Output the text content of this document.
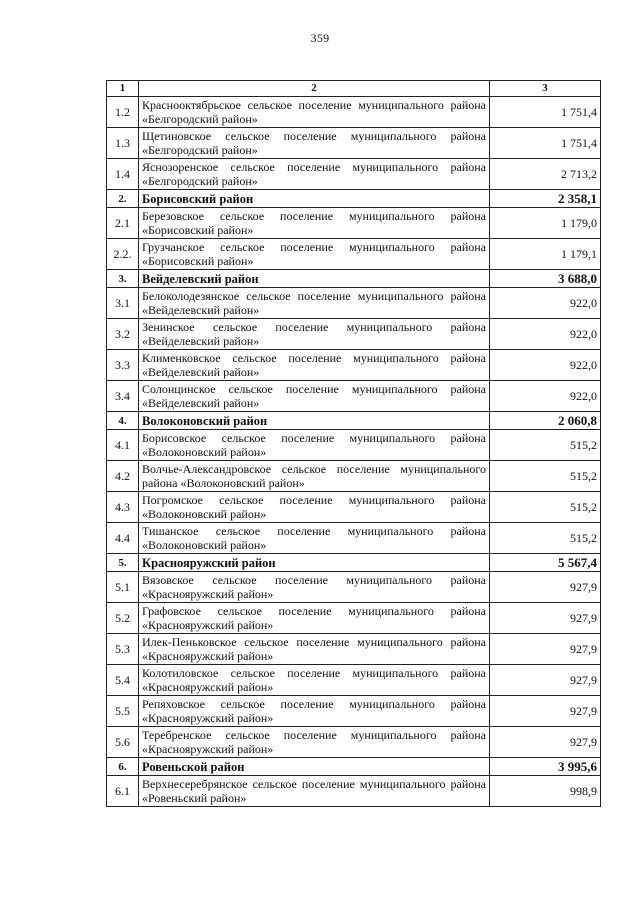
359
1	2	3
1.2	Краснооктябрьское сельское поселение муниципального района «Белгородский район»	1 751,4
1.3	Щетиновское сельское поселение муниципального района «Белгородский район»	1 751,4
1.4	Яснозоренское сельское поселение муниципального района «Белгородский район»	2 713,2
2.	Борисовский район	2 358,1
2.1	Березовское сельское поселение муниципального района «Борисовский район»	1 179,0
2.2.	Грузчанское сельское поселение муниципального района «Борисовский район»	1 179,1
3.	Вейделевский район	3 688,0
3.1	Белоколодезянское сельское поселение муниципального района «Вейделевский район»	922,0
3.2	Зенинское сельское поселение муниципального района «Вейделевский район»	922,0
3.3	Клименковское сельское поселение муниципального района «Вейделевский район»	922,0
3.4	Солонцинское сельское поселение муниципального района «Вейделевский район»	922,0
4.	Волоконовский район	2 060,8
4.1	Борисовское сельское поселение муниципального района «Волоконовский район»	515,2
4.2	Волчье-Александровское сельское поселение муниципального района «Волоконовский район»	515,2
4.3	Погромское сельское поселение муниципального района «Волоконовский район»	515,2
4.4	Тишанское сельское поселение муниципального района «Волоконовский район»	515,2
5.	Краснояружский район	5 567,4
5.1	Вязовское сельское поселение муниципального района «Краснояружский район»	927,9
5.2	Графовское сельское поселение муниципального района «Краснояружский район»	927,9
5.3	Илек-Пеньковское сельское поселение муниципального района «Краснояружский район»	927,9
5.4	Колотиловское сельское поселение муниципального района «Краснояружский район»	927,9
5.5	Репяховское сельское поселение муниципального района «Краснояружский район»	927,9
5.6	Теребренское сельское поселение муниципального района «Краснояружский район»	927,9
6.	Ровеньской район	3 995,6
6.1	Верхнесеребрянское сельское поселение муниципального района «Ровеньский район»	998,9
